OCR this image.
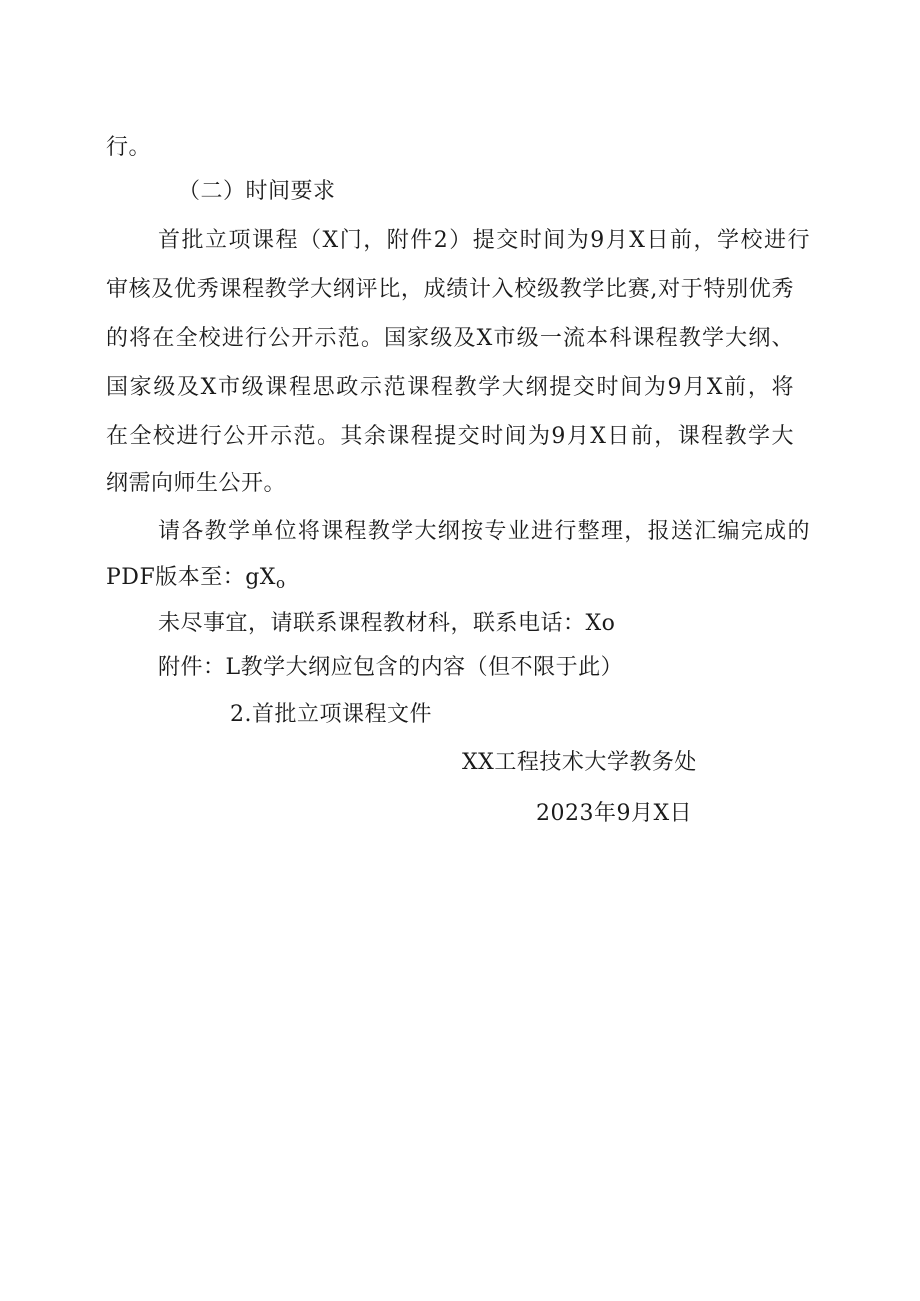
行。
（二）时间要求
首批立项课程（X门，附件2）提交时间为9月X日前，学校进行
审核及优秀课程教学大纲评比，成绩计入校级教学比赛,对于特别优秀
的将在全校进行公开示范。国家级及X市级一流本科课程教学大纲、
国家级及X市级课程思政示范课程教学大纲提交时间为9月X前，将
在全校进行公开示范。其余课程提交时间为9月X日前，课程教学大
纲需向师生公开。
请各教学单位将课程教学大纲按专业进行整理，报送汇编完成的
PDF版本至：gXo
未尽事宜，请联系课程教材科，联系电话：Xo
附件：L教学大纲应包含的内容（但不限于此）
2.首批立项课程文件
XX工程技术大学教务处
2023年9月X日
